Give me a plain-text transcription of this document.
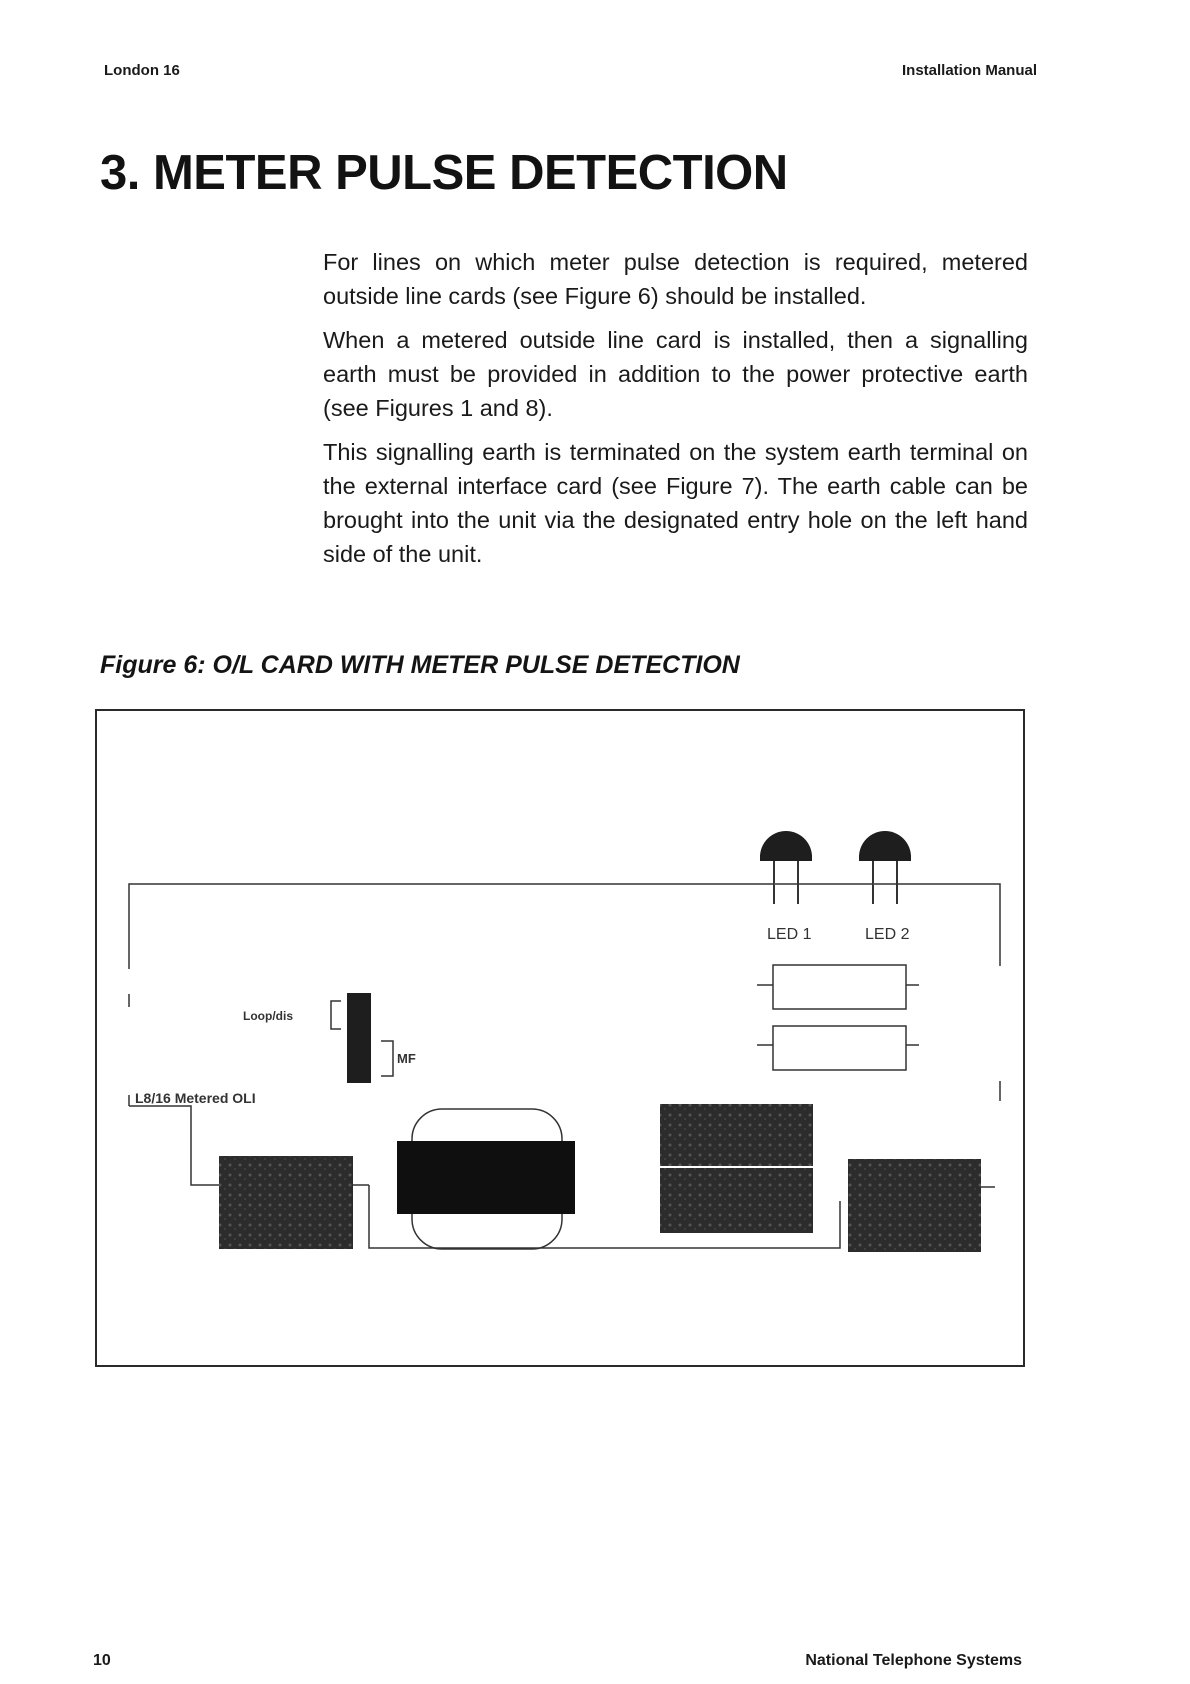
London 16	Installation Manual
3. METER PULSE DETECTION

For lines on which meter pulse detection is required, metered outside line cards (see Figure 6) should be installed.

When a metered outside line card is installed, then a signalling earth must be provided in addition to the power protective earth (see Figures 1 and 8).

This signalling earth is terminated on the system earth terminal on the external interface card (see Figure 7). The earth cable can be brought into the unit via the designated entry hole on the left hand side of the unit.

Figure 6: O/L CARD WITH METER PULSE DETECTION
LED 1	LED 2
Loop/dis
MF
L8/16 Metered OLI
10	National Telephone Systems
